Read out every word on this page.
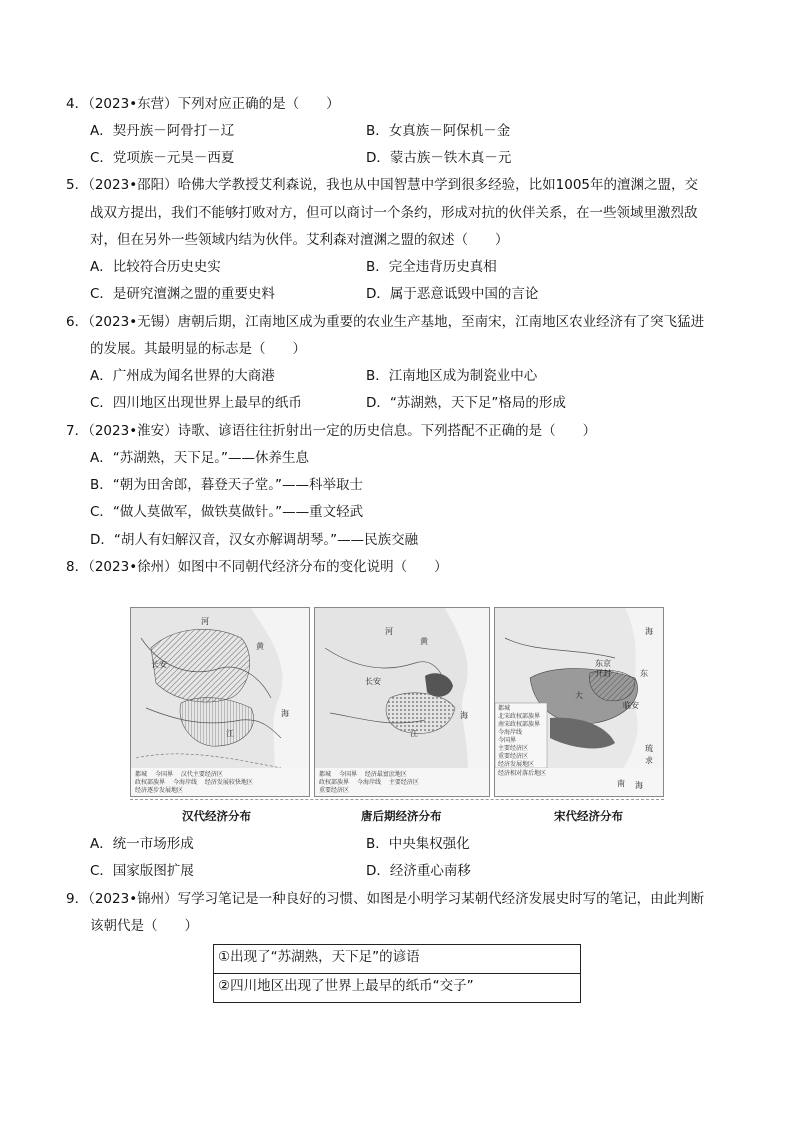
4．（2023•东营）下列对应正确的是（　　）
A．契丹族－阿骨打－辽	B．女真族－阿保机－金
C．党项族－元昊－西夏	D．蒙古族－铁木真－元
5．（2023•邵阳）哈佛大学教授艾利森说，我也从中国智慧中学到很多经验，比如1005年的澶渊之盟，交
战双方提出，我们不能够打败对方，但可以商讨一个条约，形成对抗的伙伴关系，在一些领域里激烈敌
对，但在另外一些领域内结为伙伴。艾利森对澶渊之盟的叙述（　　）
A．比较符合历史史实	B．完全违背历史真相
C．是研究澶渊之盟的重要史料	D．属于恶意诋毁中国的言论
6．（2023•无锡）唐朝后期，江南地区成为重要的农业生产基地，至南宋，江南地区农业经济有了突飞猛进
的发展。其最明显的标志是（　　）
A．广州成为闻名世界的大商港	B．江南地区成为制瓷业中心
C．四川地区出现世界上最早的纸币	D．“苏湖熟，天下足”格局的形成
7．（2023•淮安）诗歌、谚语往往折射出一定的历史信息。下列搭配不正确的是（　　）
A．“苏湖熟，天下足。”——休养生息
B．“朝为田舍郎，暮登天子堂。”——科举取士
C．“做人莫做军，做铁莫做针。”——重文轻武
D．“胡人有妇解汉音，汉女亦解调胡琴。”——民族交融
8．（2023•徐州）如图中不同朝代经济分布的变化说明（　　）
长安
江
河
黄
海
都城　 今国界　 汉代主要经济区
政权部族界　 今海岸线　 经济发展较快地区
经济逐步发展地区
长安
江
黄
河
海
都城　 今国界　 经济最富庶地区
政权部族界　 今海岸线　 主要经济区
重要经济区
东京
开封
临安
东
海
南 海
大
琉
求
都城
北宋政权部族界
南宋政权部族界
今海岸线
今国界
主要经济区
重要经济区
经济发展地区
经济相对落后地区
汉代经济分布	唐后期经济分布	宋代经济分布
A．统一市场形成	B．中央集权强化
C．国家版图扩展	D．经济重心南移
9．（2023•锦州）写学习笔记是一种良好的习惯、如图是小明学习某朝代经济发展史时写的笔记，由此判断
该朝代是（　　）
①出现了“苏湖熟，天下足”的谚语
②四川地区出现了世界上最早的纸币“交子”
